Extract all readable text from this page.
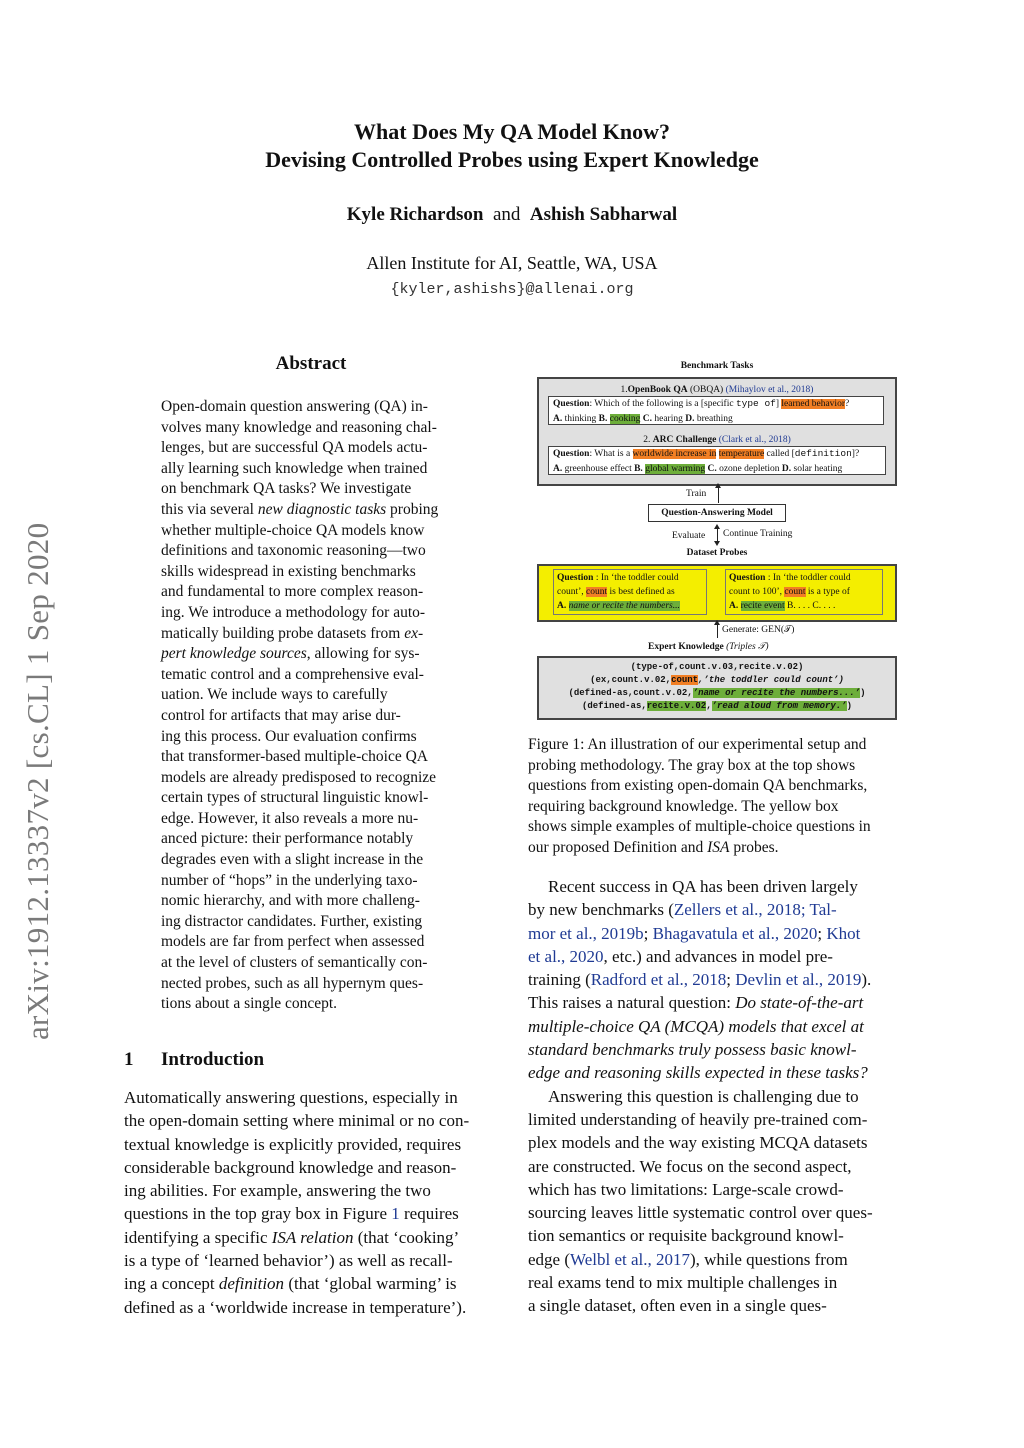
arXiv:1912.13337v2 [cs.CL] 1 Sep 2020
What Does My QA Model Know?
Devising Controlled Probes using Expert Knowledge
Kyle Richardson and Ashish Sabharwal
Allen Institute for AI, Seattle, WA, USA
{kyler,ashishs}@allenai.org
Abstract
Open-domain question answering (QA) in-
volves many knowledge and reasoning chal-
lenges, but are successful QA models actu-
ally learning such knowledge when trained
on benchmark QA tasks? We investigate
this via several new diagnostic tasks probing
whether multiple-choice QA models know
definitions and taxonomic reasoning—two
skills widespread in existing benchmarks
and fundamental to more complex reason-
ing. We introduce a methodology for auto-
matically building probe datasets from ex-
pert knowledge sources, allowing for sys-
tematic control and a comprehensive eval-
uation. We include ways to carefully
control for artifacts that may arise dur-
ing this process. Our evaluation confirms
that transformer-based multiple-choice QA
models are already predisposed to recognize
certain types of structural linguistic knowl-
edge. However, it also reveals a more nu-
anced picture: their performance notably
degrades even with a slight increase in the
number of “hops” in the underlying taxo-
nomic hierarchy, and with more challeng-
ing distractor candidates. Further, existing
models are far from perfect when assessed
at the level of clusters of semantically con-
nected probes, such as all hypernym ques-
tions about a single concept.
1 Introduction
Automatically answering questions, especially in
the open-domain setting where minimal or no con-
textual knowledge is explicitly provided, requires
considerable background knowledge and reason-
ing abilities. For example, answering the two
questions in the top gray box in Figure 1 requires
identifying a specific ISA relation (that ‘cooking’
is a type of ‘learned behavior’) as well as recall-
ing a concept definition (that ‘global warming’ is
defined as a ‘worldwide increase in temperature’).
Benchmark Tasks
1.OpenBook QA (OBQA) (Mihaylov et al., 2018)
Question: Which of the following is a [specific type of] learned behavior?
A. thinking B. cooking C. hearing D. breathing
2. ARC Challenge (Clark et al., 2018)
Question: What is a worldwide increase in temperature called [definition]?
A. greenhouse effect B. global warming C. ozone depletion D. solar heating
Train
Question-Answering Model
Evaluate Continue Training
Dataset Probes
Question : In ‘the toddler could
count’, count is best defined as
A. name or recite the numbers...
Question : In ‘the toddler could
count to 100’, count is a type of
A. recite event B. . . . C. . . .
Generate: GEN(𝒯)
Expert Knowledge (Triples 𝒯)
(type-of,count.v.03,recite.v.02)
(ex,count.v.02,count,’the toddler could count’)
(defined-as,count.v.02,’name or recite the numbers...’)
(defined-as,recite.v.02,’read aloud from memory.’)
Figure 1: An illustration of our experimental setup and
probing methodology. The gray box at the top shows
questions from existing open-domain QA benchmarks,
requiring background knowledge. The yellow box
shows simple examples of multiple-choice questions in
our proposed Definition and ISA probes.
Recent success in QA has been driven largely
by new benchmarks (Zellers et al., 2018; Tal-
mor et al., 2019b; Bhagavatula et al., 2020; Khot
et al., 2020, etc.) and advances in model pre-
training (Radford et al., 2018; Devlin et al., 2019).
This raises a natural question: Do state-of-the-art
multiple-choice QA (MCQA) models that excel at
standard benchmarks truly possess basic knowl-
edge and reasoning skills expected in these tasks?
Answering this question is challenging due to
limited understanding of heavily pre-trained com-
plex models and the way existing MCQA datasets
are constructed. We focus on the second aspect,
which has two limitations: Large-scale crowd-
sourcing leaves little systematic control over ques-
tion semantics or requisite background knowl-
edge (Welbl et al., 2017), while questions from
real exams tend to mix multiple challenges in
a single dataset, often even in a single ques-
